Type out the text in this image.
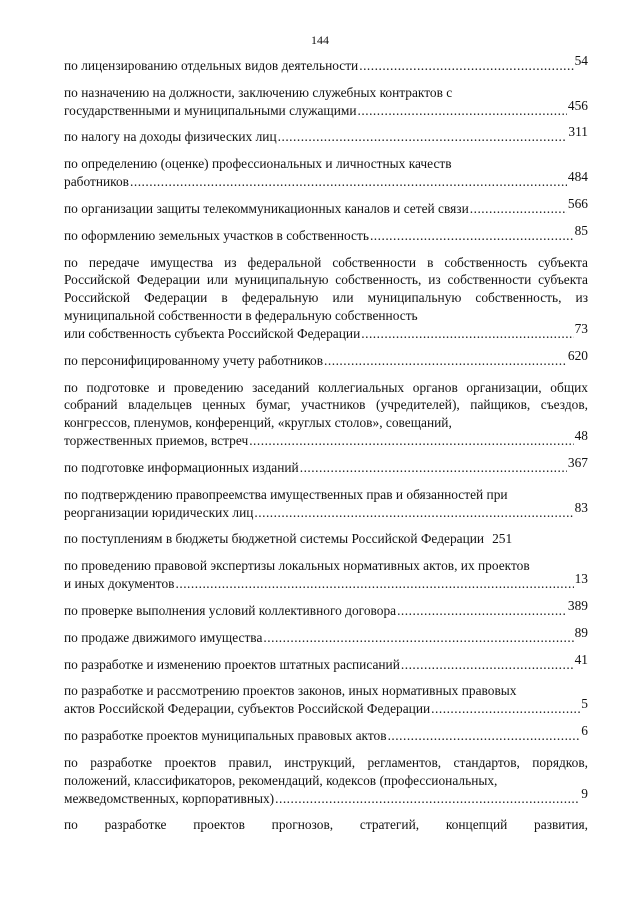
144
по лицензированию отдельных видов деятельности .....	54
по назначению на должности, заключению служебных контрактов с
государственными и муниципальными служащими .....	456
по налогу на доходы физических лиц .....	311
по определению (оценке) профессиональных и личностных качеств
работников .....	484
по организации защиты телекоммуникационных каналов и сетей связи .....	566
по оформлению земельных участков в собственность .....	85
по передаче имущества из федеральной собственности в собственность субъекта Российской Федерации или муниципальную собственность, из собственности субъекта Российской Федерации в федеральную или муниципальную собственность, из муниципальной собственности в федеральную собственность
или собственность субъекта Российской Федерации .....	73
по персонифицированному учету работников .....	620
по подготовке и проведению заседаний коллегиальных органов организации, общих собраний владельцев ценных бумаг, участников (учредителей), пайщиков, съездов, конгрессов, пленумов, конференций, «круглых столов», совещаний,
торжественных приемов, встреч .....	48
по подготовке информационных изданий .....	367
по подтверждению правопреемства имущественных прав и обязанностей при
реорганизации юридических лиц .....	83
по поступлениям в бюджеты бюджетной системы Российской Федерации 251
по проведению правовой экспертизы локальных нормативных актов, их проектов
и иных документов .....	13
по проверке выполнения условий коллективного договора .....	389
по продаже движимого имущества .....	89
по разработке и изменению проектов штатных расписаний .....	41
по разработке и рассмотрению проектов законов, иных нормативных правовых
актов Российской Федерации, субъектов Российской Федерации .....	5
по разработке проектов муниципальных правовых актов .....	6
по разработке проектов правил, инструкций, регламентов, стандартов, порядков, положений, классификаторов, рекомендаций, кодексов (профессиональных,
межведомственных, корпоративных) .....	9
по разработке проектов прогнозов, стратегий, концепций развития,
